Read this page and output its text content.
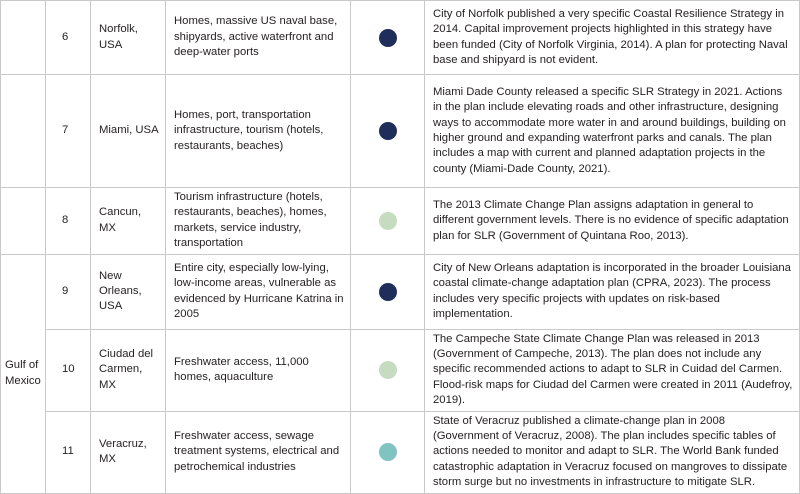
	6	Norfolk, USA	Homes, massive US naval base, shipyards, active waterfront and deep-water ports		City of Norfolk published a very specific Coastal Resilience Strategy in 2014. Capital improvement projects highlighted in this strategy have been funded (City of Norfolk Virginia, 2014). A plan for protecting Naval base and shipyard is not evident.
	7	Miami, USA	Homes, port, transportation infrastructure, tourism (hotels, restaurants, beaches)		Miami Dade County released a specific SLR Strategy in 2021. Actions in the plan include elevating roads and other infrastructure, designing ways to accommodate more water in and around buildings, building on higher ground and expanding waterfront parks and canals. The plan includes a map with current and planned adaptation projects in the county (Miami-Dade County, 2021).
	8	Cancun, MX	Tourism infrastructure (hotels, restaurants, beaches), homes, markets, service industry, transportation		The 2013 Climate Change Plan assigns adaptation in general to different government levels. There is no evidence of specific adaptation plan for SLR (Government of Quintana Roo, 2013).
Gulf of Mexico	9	New Orleans, USA	Entire city, especially low-lying, low-income areas, vulnerable as evidenced by Hurricane Katrina in 2005		City of New Orleans adaptation is incorporated in the broader Louisiana coastal climate-change adaptation plan (CPRA, 2023). The process includes very specific projects with updates on risk-based implementation.
	10	Ciudad del Carmen, MX	Freshwater access, 11,000 homes, aquaculture		The Campeche State Climate Change Plan was released in 2013 (Government of Campeche, 2013). The plan does not include any specific recommended actions to adapt to SLR in Cuidad del Carmen. Flood-risk maps for Ciudad del Carmen were created in 2011 (Audefroy, 2019).
	11	Veracruz, MX	Freshwater access, sewage treatment systems, electrical and petrochemical industries		State of Veracruz published a climate-change plan in 2008 (Government of Veracruz, 2008). The plan includes specific tables of actions needed to monitor and adapt to SLR. The World Bank funded catastrophic adaptation in Veracruz focused on mangroves to dissipate storm surge but no investments in infrastructure to mitigate SLR.
